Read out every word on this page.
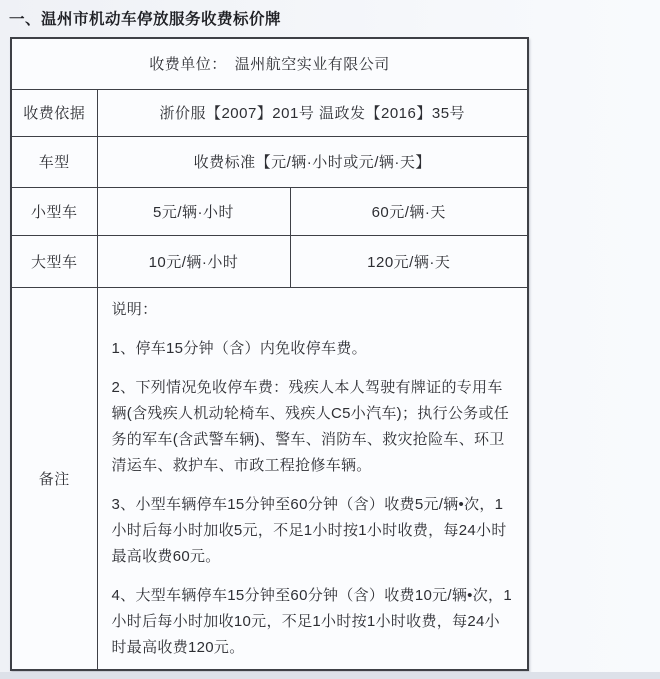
一、温州市机动车停放服务收费标价牌
收费单位： 温州航空实业有限公司		
收费依据	浙价服【2007】201号 温政发【2016】35号	
车型	收费标准【元/辆·小时或元/辆·天】	
小型车	5元/辆·小时	60元/辆·天
大型车	10元/辆·小时	120元/辆·天
备注	说明：

1、停车15分钟（含）内免收停车费。

2、下列情况免收停车费：残疾人本人驾驶有牌证的专用车辆(含残疾人机动轮椅车、残疾人C5小汽车)；执行公务或任务的军车(含武警车辆)、警车、消防车、救灾抢险车、环卫清运车、救护车、市政工程抢修车辆。

3、小型车辆停车15分钟至60分钟（含）收费5元/辆•次，1小时后每小时加收5元，不足1小时按1小时收费，每24小时最高收费60元。

4、大型车辆停车15分钟至60分钟（含）收费10元/辆•次，1小时后每小时加收10元，不足1小时按1小时收费，每24小时最高收费120元。	
